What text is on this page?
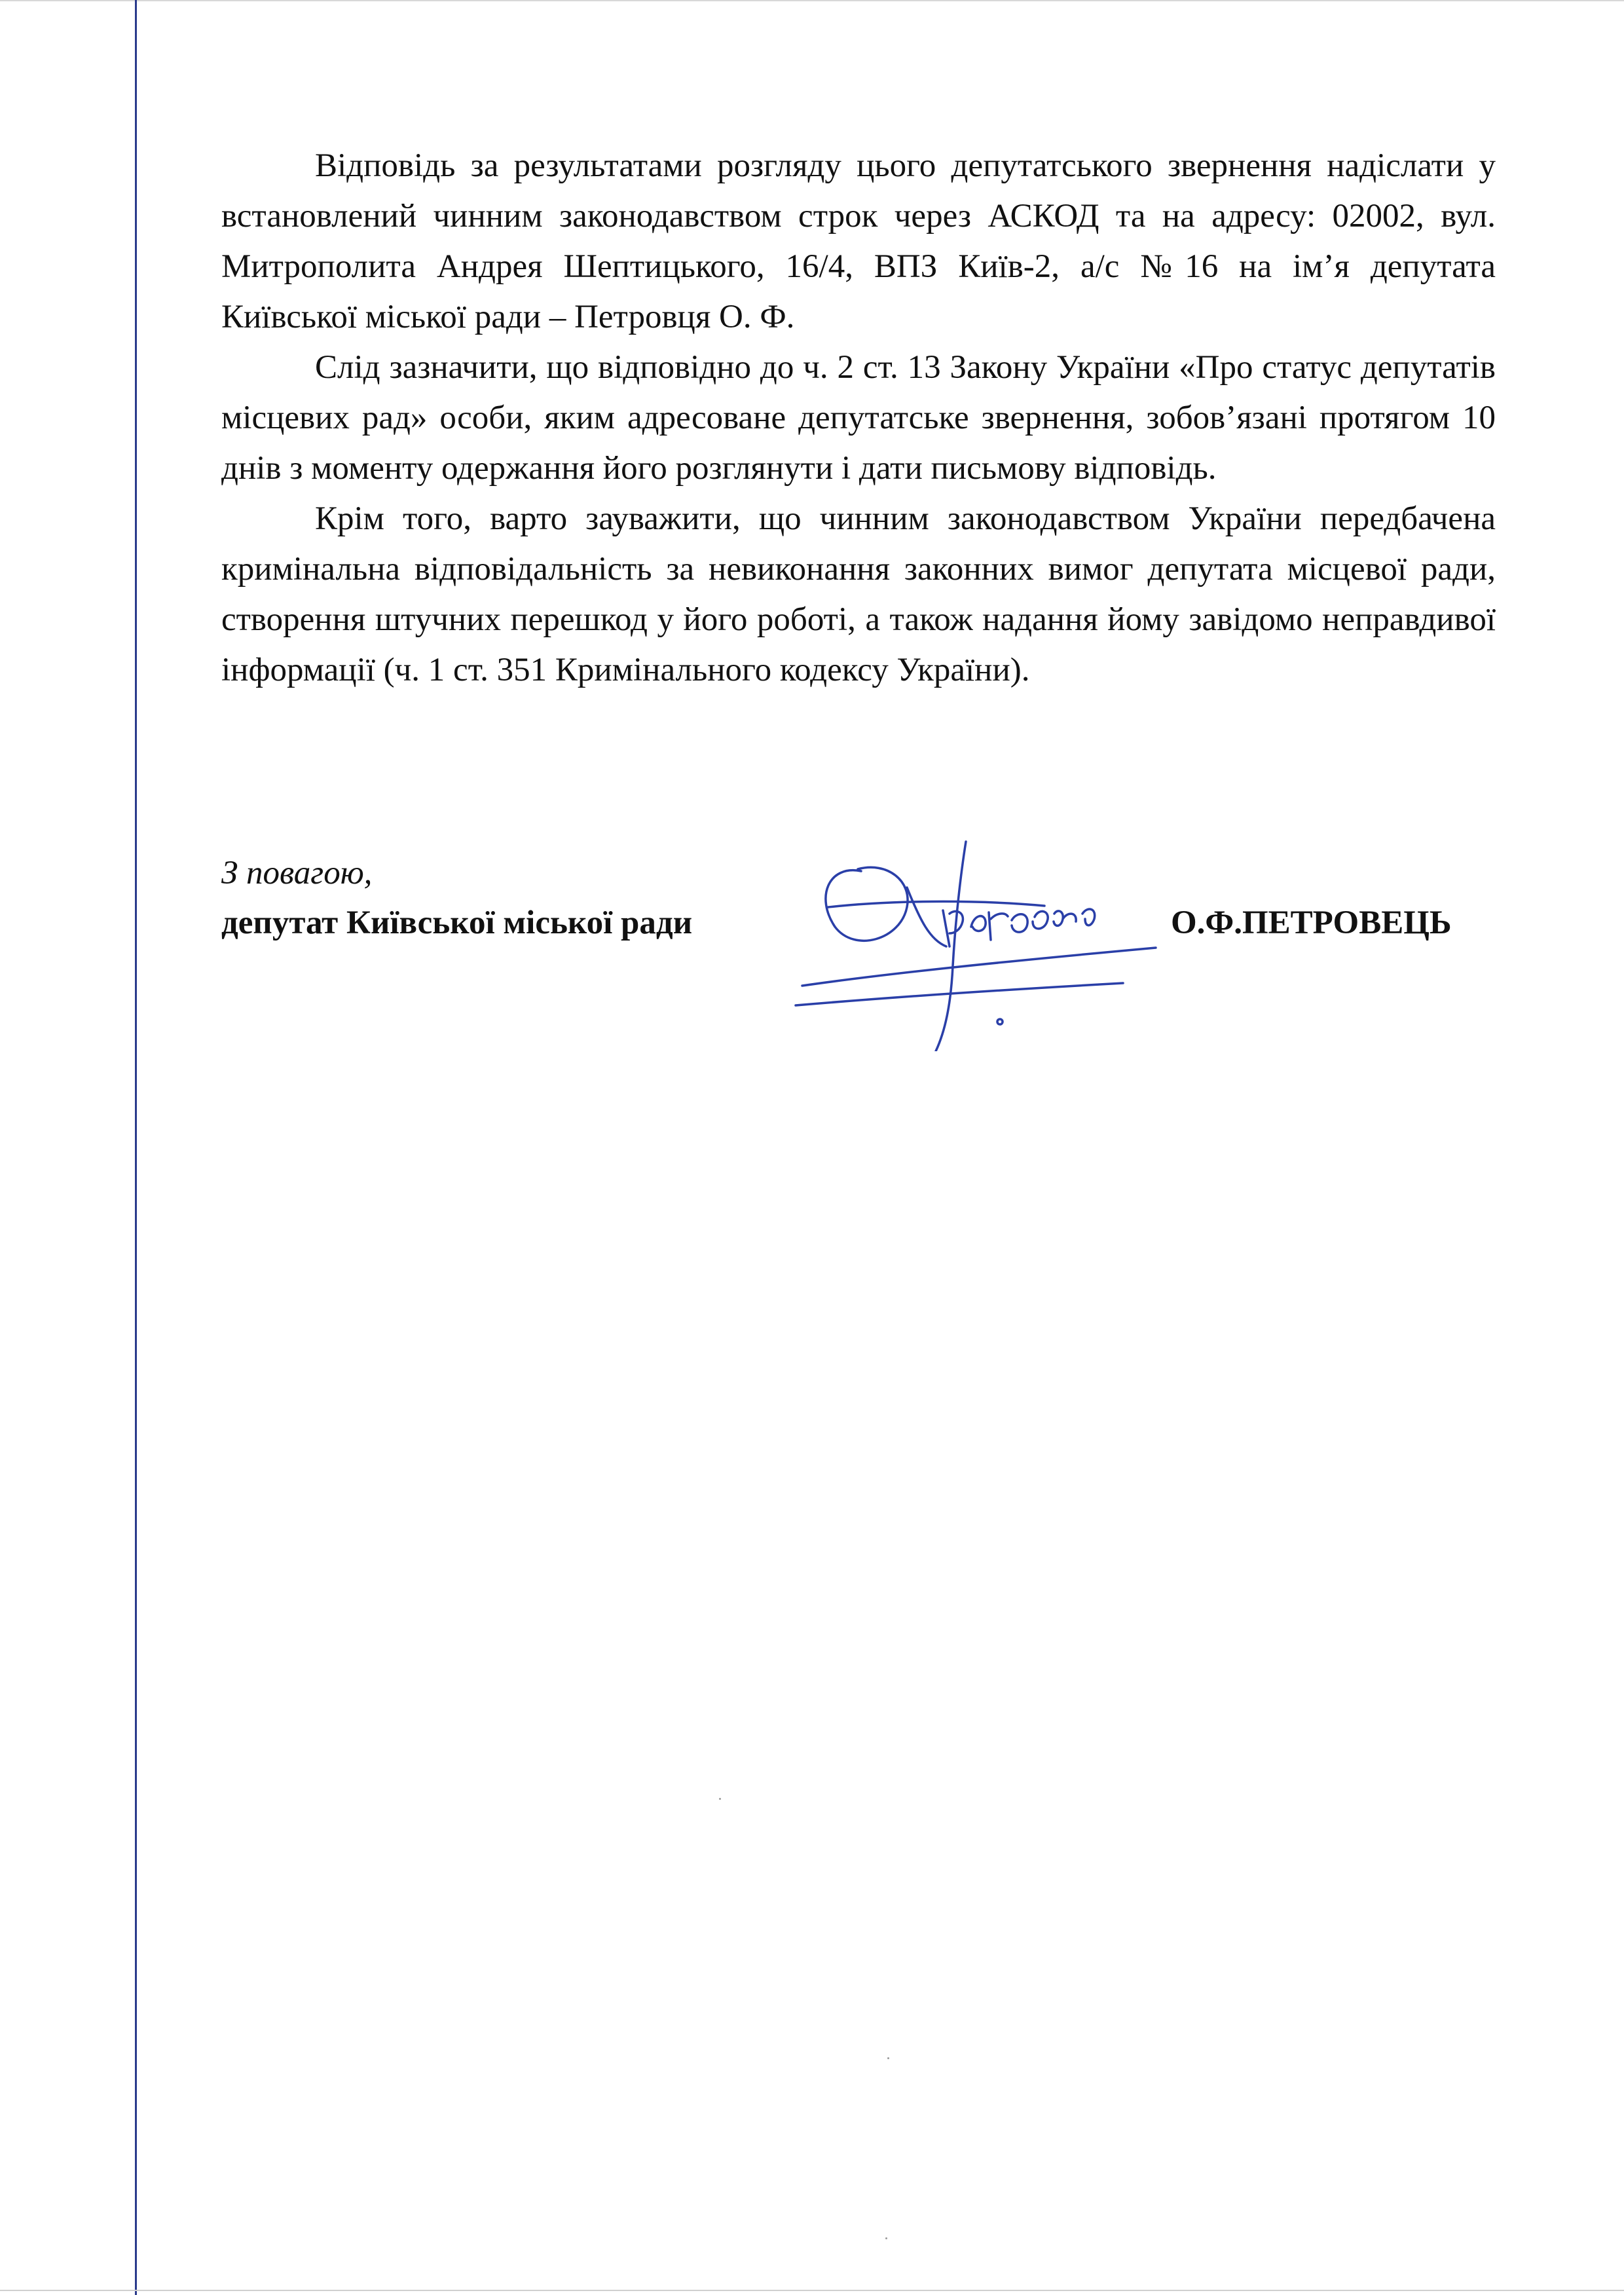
Відповідь за результатами розгляду цього депутатського звернення надіслати у встановлений чинним законодавством строк через АСКОД та на адресу: 02002, вул. Митрополита Андрея Шептицького, 16/4, ВПЗ Київ-2, а/с №16 на ім’я депутата Київської міської ради – Петровця О. Ф.

Слід зазначити, що відповідно до ч. 2 ст. 13 Закону України «Про статус депутатів місцевих рад» особи, яким адресоване депутатське звернення, зобов’язані протягом 10 днів з моменту одержання його розглянути і дати письмову відповідь.

Крім того, варто зауважити, що чинним законодавством України передбачена кримінальна відповідальність за невиконання законних вимог депутата місцевої ради, створення штучних перешкод у його роботі, а також надання йому завідомо неправдивої інформації (ч. 1 ст. 351 Кримінального кодексу України).

З повагою,

депутат Київської міської ради	О.Ф.ПЕТРОВЕЦЬ
